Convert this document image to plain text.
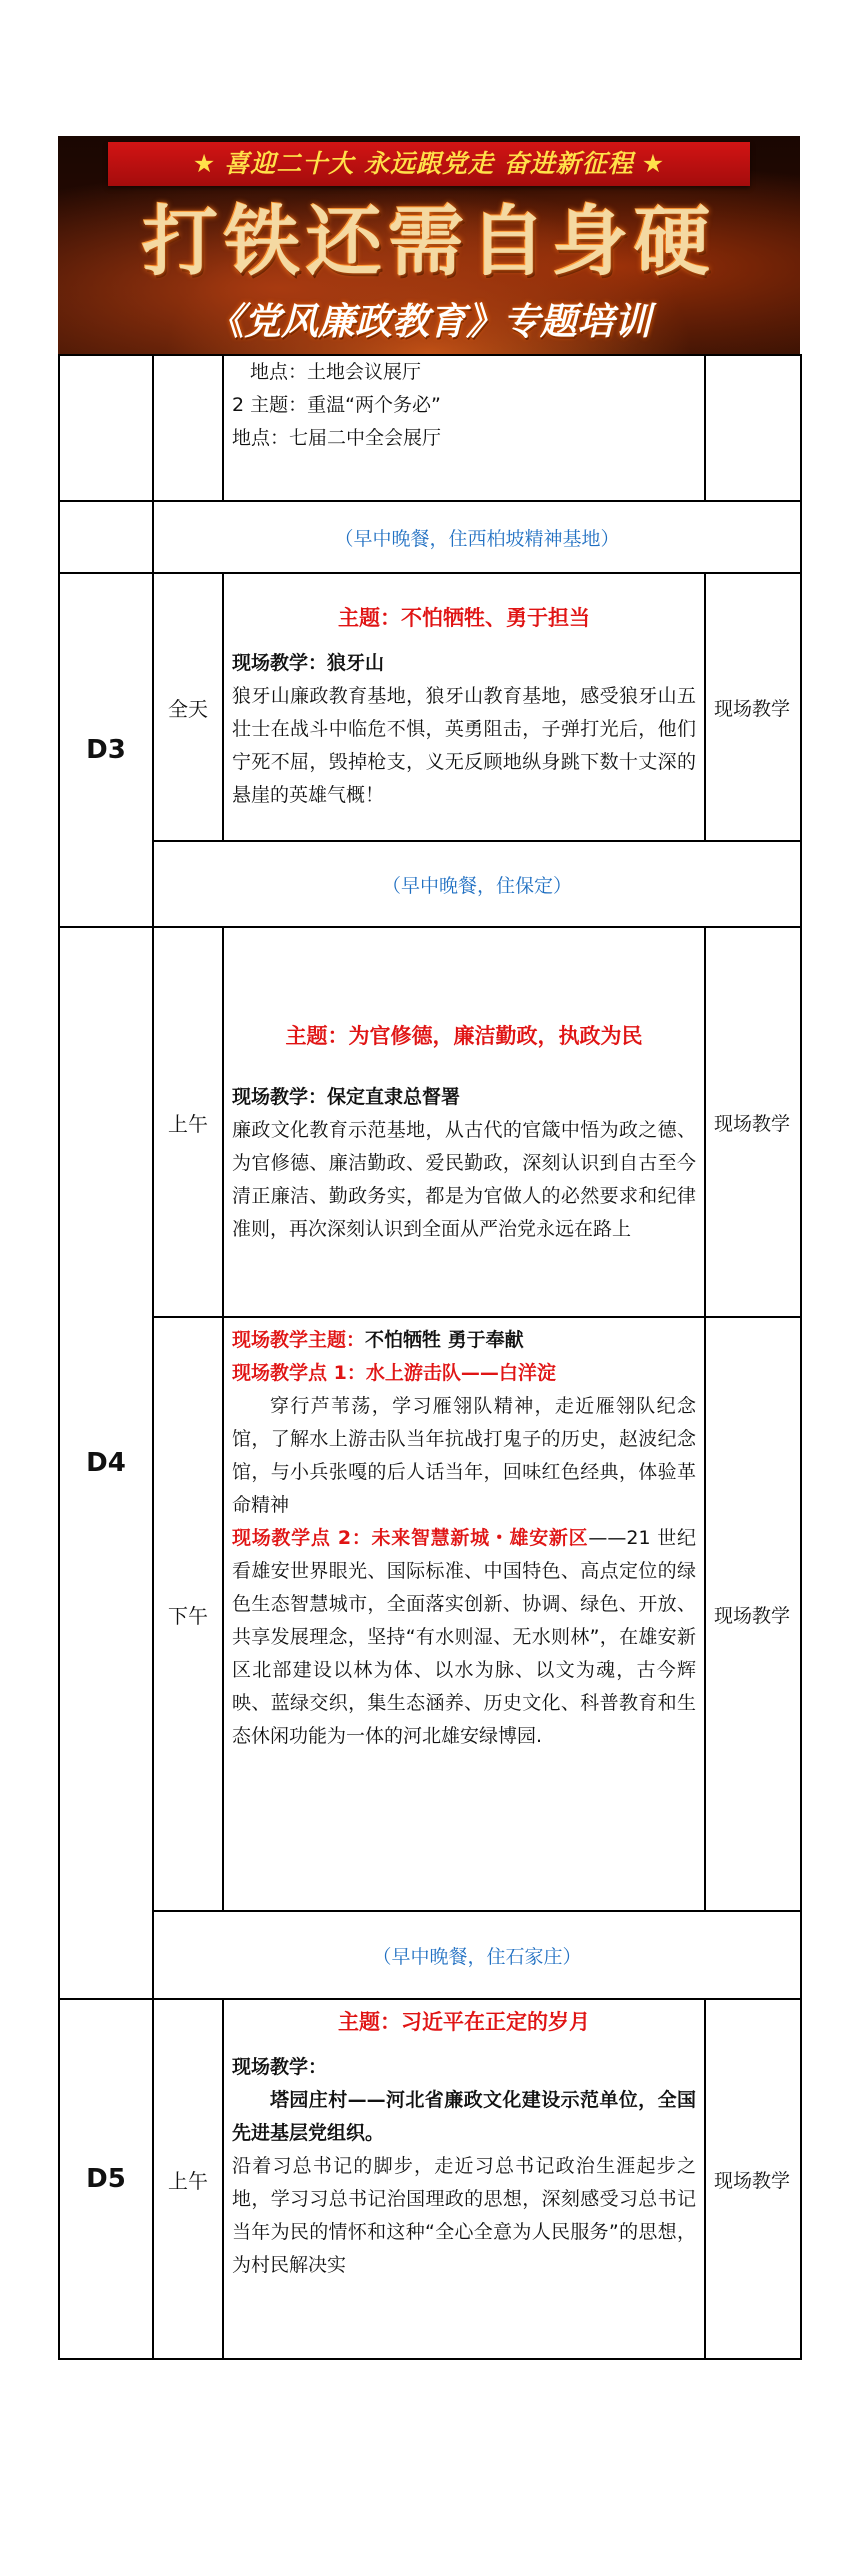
★ 喜迎二十大 永远跟党走 奋进新征程 ★
打铁还需自身硬
《党风廉政教育》专题培训

		地点：土地会议展厅

2 主题：重温“两个务必”

地点：七届二中全会展厅	

	（早中晚餐，住西柏坡精神基地）		
D3	全天	主题：不怕牺牲、勇于担当

现场教学：狼牙山

狼牙山廉政教育基地，狼牙山教育基地，感受狼牙山五壮士在战斗中临危不惧，英勇阻击，子弹打光后，他们宁死不屈，毁掉枪支，义无反顾地纵身跳下数十丈深的悬崖的英雄气概！	现场教学
	（早中晚餐，住保定）		
D4	上午	主题：为官修德，廉洁勤政，执政为民

现场教学：保定直隶总督署

廉政文化教育示范基地，从古代的官箴中悟为政之德、为官修德、廉洁勤政、爱民勤政，深刻认识到自古至今清正廉洁、勤政务实，都是为官做人的必然要求和纪律准则，再次深刻认识到全面从严治党永远在路上	现场教学
	下午	现场教学主题：不怕牺牲 勇于奉献

现场教学点 1：水上游击队——白洋淀

穿行芦苇荡，学习雁翎队精神，走近雁翎队纪念馆，了解水上游击队当年抗战打鬼子的历史，赵波纪念馆，与小兵张嘎的后人话当年，回味红色经典，体验革命精神

现场教学点 2：未来智慧新城・雄安新区——21 世纪看雄安世界眼光、国际标准、中国特色、高点定位的绿色生态智慧城市，全面落实创新、协调、绿色、开放、共享发展理念，坚持“有水则湿、无水则林”，在雄安新区北部建设以林为体、以水为脉、以文为魂，古今辉映、蓝绿交织，集生态涵养、历史文化、科普教育和生态休闲功能为一体的河北雄安绿博园.	现场教学
	（早中晚餐，住石家庄）		
D5	上午	主题：习近平在正定的岁月

现场教学：

塔园庄村——河北省廉政文化建设示范单位，全国先进基层党组织。

沿着习总书记的脚步，走近习总书记政治生涯起步之地，学习习总书记治国理政的思想，深刻感受习总书记当年为民的情怀和这种“全心全意为人民服务”的思想，为村民解决实	现场教学
